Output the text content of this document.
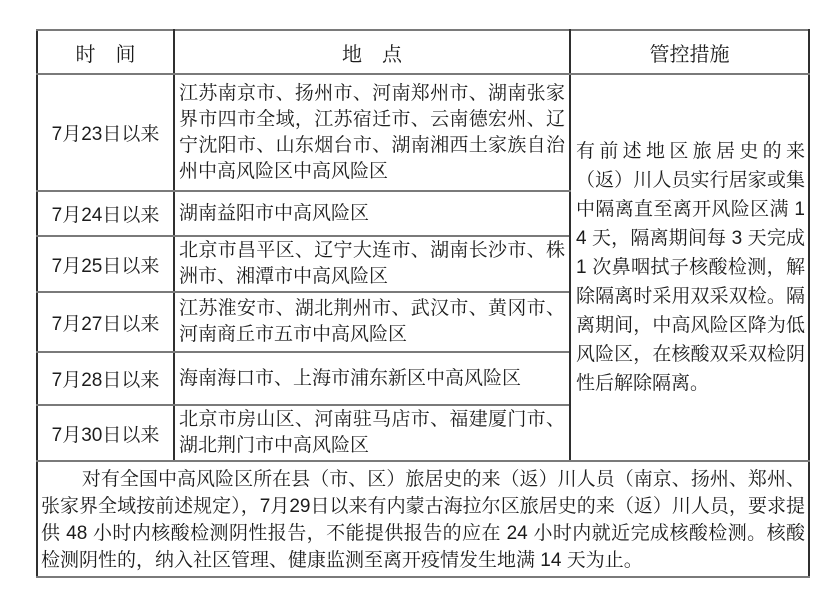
时　间	地　点	管控措施
7月23日以来	江苏南京市、扬州市、河南郑州市、湖南张家界市四市全域，江苏宿迁市、云南德宏州、辽宁沈阳市、山东烟台市、湖南湘西土家族自治州中高风险区中高风险区	有前述地区旅居史的来（返）川人员实行居家或集中隔离直至离开风险区满 14 天，隔离期间每 3 天完成 1 次鼻咽拭子核酸检测，解除隔离时采用双采双检。隔离期间，中高风险区降为低风险区，在核酸双采双检阴性后解除隔离。
7月24日以来	湖南益阳市中高风险区	
7月25日以来	北京市昌平区、辽宁大连市、湖南长沙市、株洲市、湘潭市中高风险区	
7月27日以来	江苏淮安市、湖北荆州市、武汉市、黄冈市、河南商丘市五市中高风险区	
7月28日以来	海南海口市、上海市浦东新区中高风险区	
7月30日以来	北京市房山区、河南驻马店市、福建厦门市、湖北荆门市中高风险区	
对有全国中高风险区所在县（市、区）旅居史的来（返）川人员（南京、扬州、郑州、张家界全域按前述规定），7月29日以来有内蒙古海拉尔区旅居史的来（返）川人员，要求提供 48 小时内核酸检测阴性报告，不能提供报告的应在 24 小时内就近完成核酸检测。核酸检测阴性的，纳入社区管理、健康监测至离开疫情发生地满 14 天为止。		
